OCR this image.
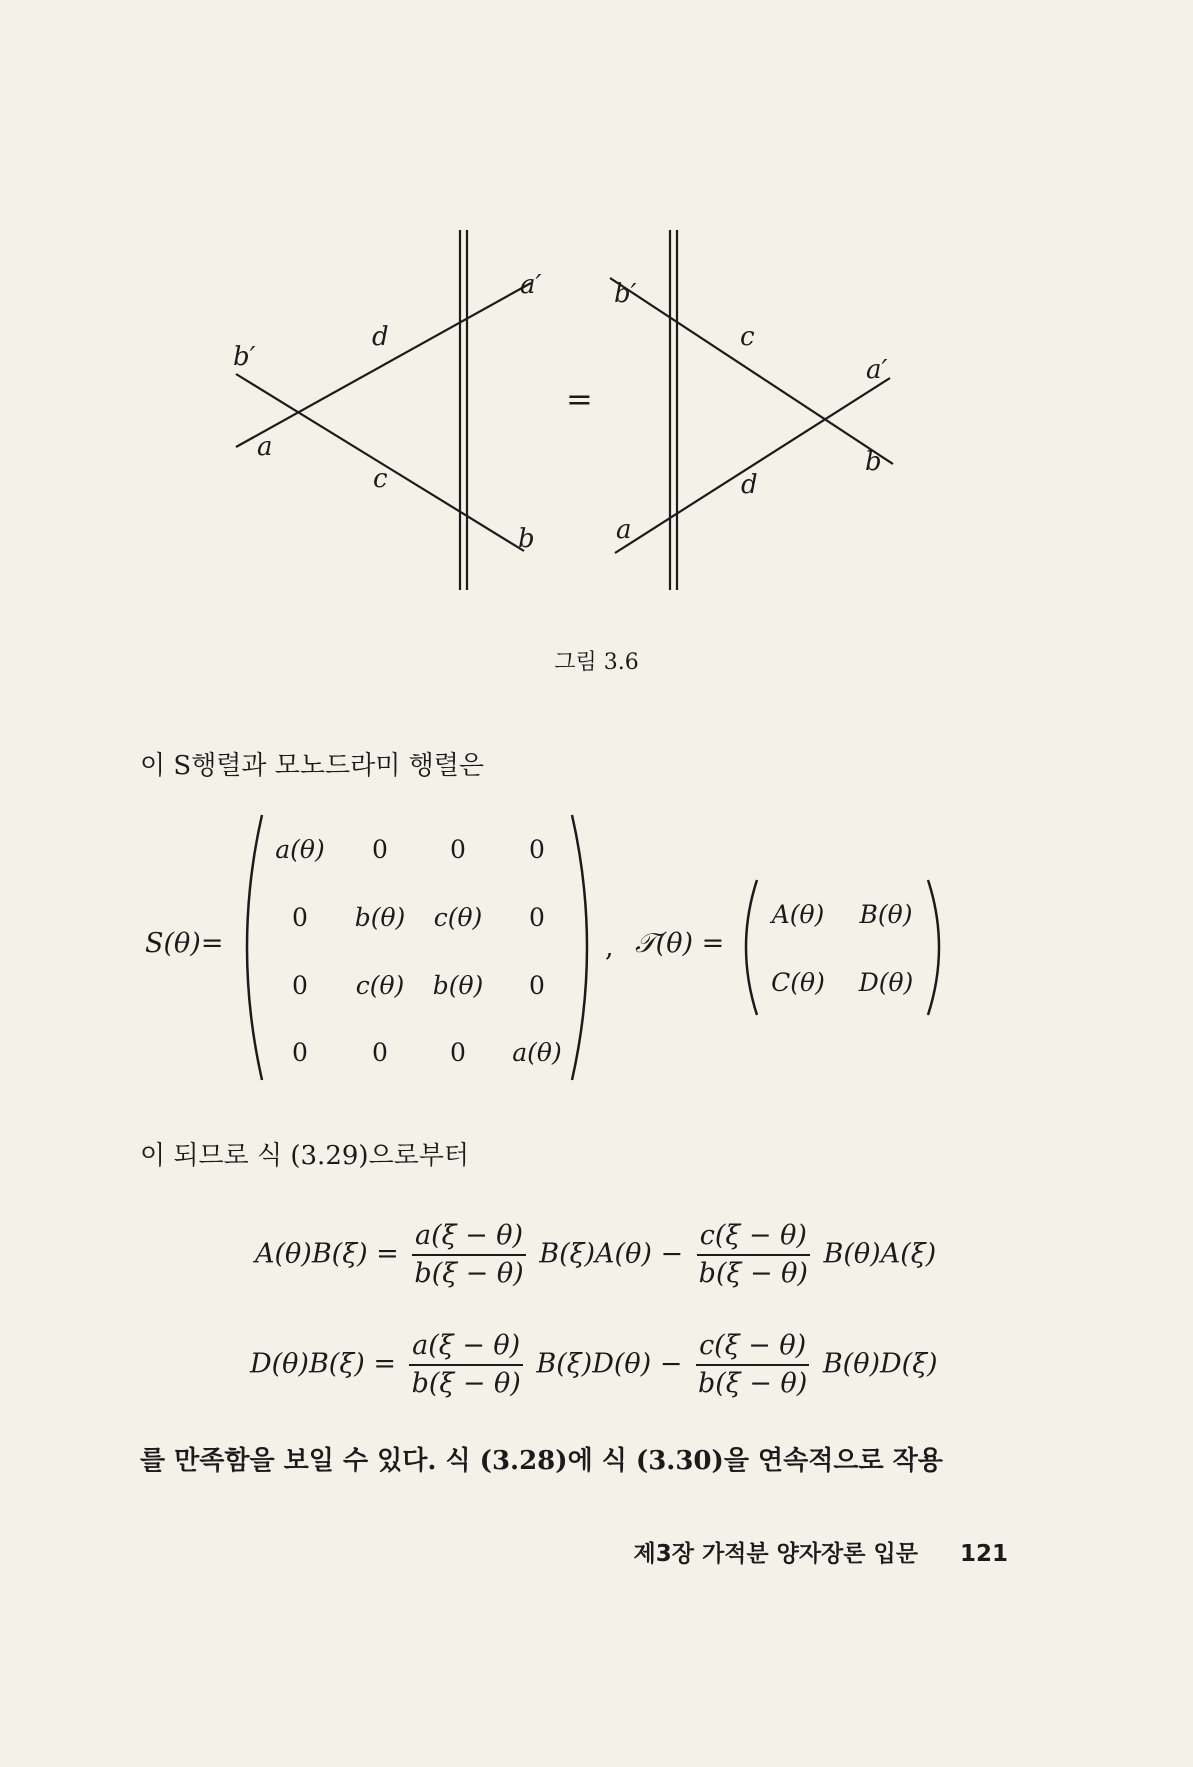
b′
a
d
c
a′
b
=
b′
c
a′
b
d
a
그림 3.6
이 S행렬과 모노드라미 행렬은
S(θ)=
a(θ)	0	0	0
0	b(θ)	c(θ)	0
0	c(θ)	b(θ)	0
0	0	0	a(θ)
, 𝒯(θ) =
A(θ)	B(θ)
C(θ)	D(θ)
이 되므로 식 (3.29)으로부터
$A(\theta)B(\xi) = \frac{a(\xi - \theta)}{b(\xi - \theta)} B(\xi)A(\theta) - \frac{c(\xi - \theta)}{b(\xi - \theta)} B(\theta)A(\xi)$
$D(\theta)B(\xi) = \frac{a(\xi - \theta)}{b(\xi - \theta)} B(\xi)D(\theta) - \frac{c(\xi - \theta)}{b(\xi - \theta)} B(\theta)D(\xi)$
를 만족함을 보일 수 있다. 식 (3.28)에 식 (3.30)을 연속적으로 작용
제3장 가적분 양자장론 입문 121
